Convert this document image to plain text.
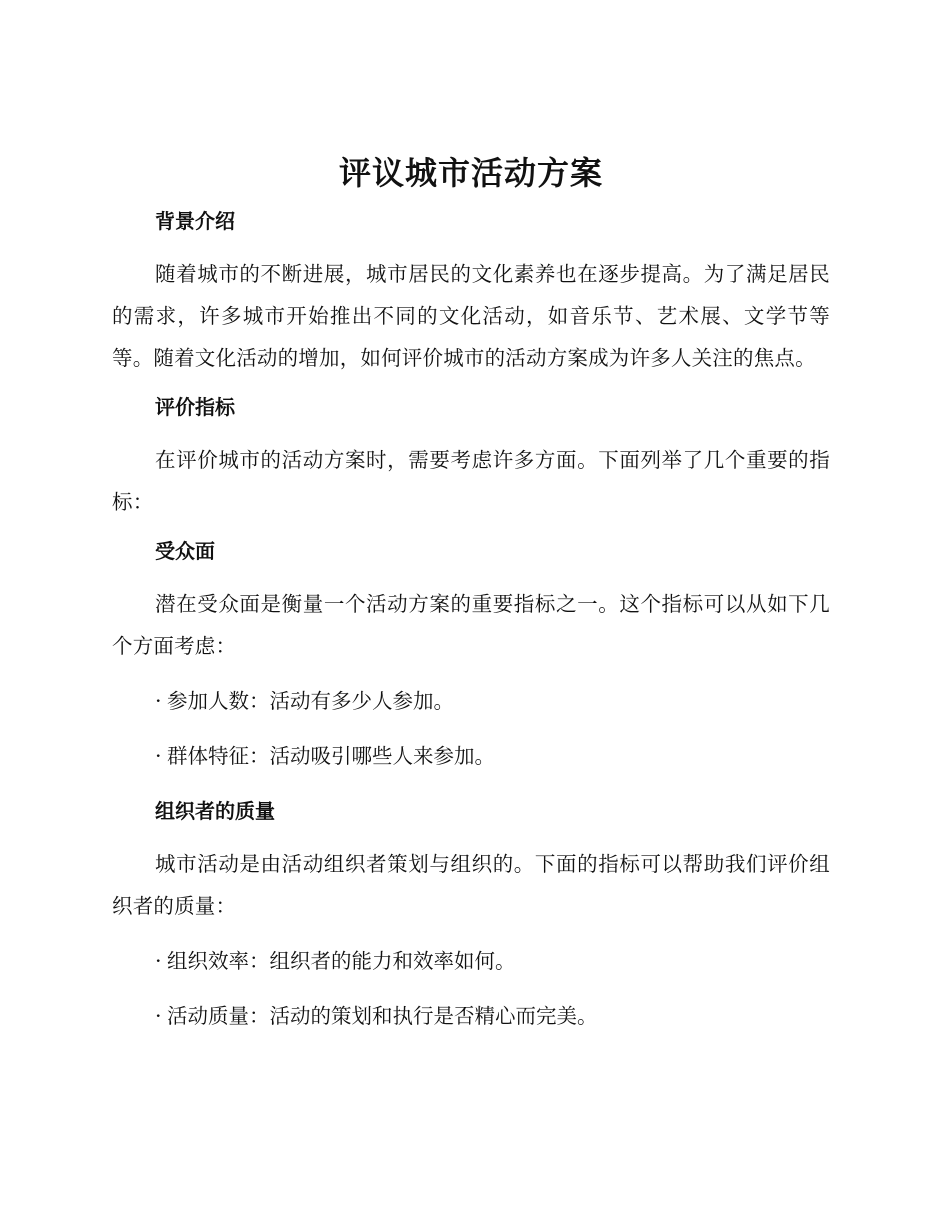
评议城市活动方案
背景介绍

随着城市的不断进展，城市居民的文化素养也在逐步提高。为了满足居民的需求，许多城市开始推出不同的文化活动，如音乐节、艺术展、文学节等等。随着文化活动的增加，如何评价城市的活动方案成为许多人关注的焦点。

评价指标

在评价城市的活动方案时，需要考虑许多方面。下面列举了几个重要的指标：

受众面

潜在受众面是衡量一个活动方案的重要指标之一。这个指标可以从如下几个方面考虑：

· 参加人数：活动有多少人参加。

· 群体特征：活动吸引哪些人来参加。

组织者的质量

城市活动是由活动组织者策划与组织的。下面的指标可以帮助我们评价组织者的质量：

· 组织效率：组织者的能力和效率如何。

· 活动质量：活动的策划和执行是否精心而完美。
